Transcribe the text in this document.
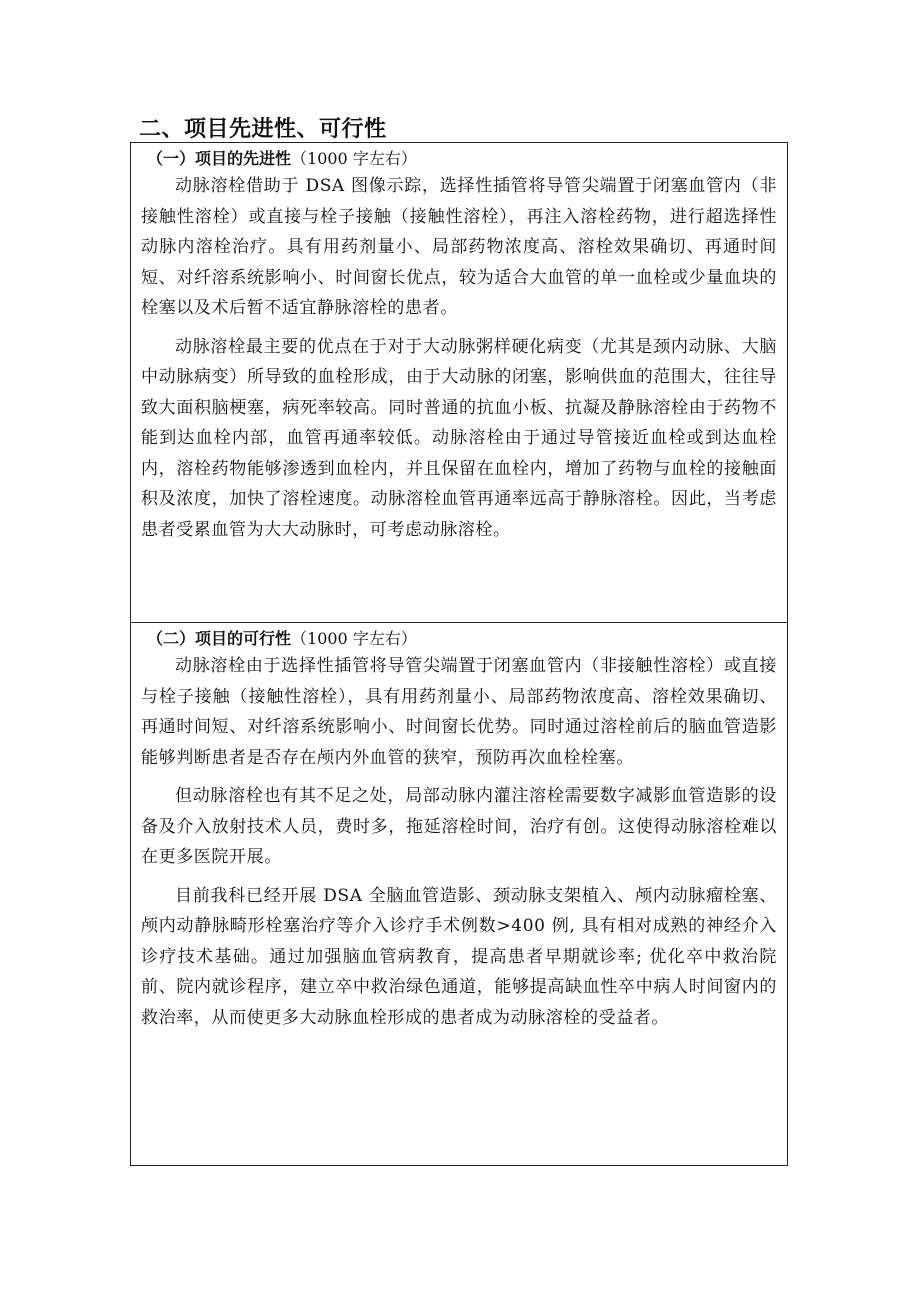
二、项目先进性、可行性
（一）项目的先进性（1000 字左右）

动脉溶栓借助于 DSA 图像示踪，选择性插管将导管尖端置于闭塞血管内（非接触性溶栓）或直接与栓子接触（接触性溶栓），再注入溶栓药物，进行超选择性动脉内溶栓治疗。具有用药剂量小、局部药物浓度高、溶栓效果确切、再通时间短、对纤溶系统影响小、时间窗长优点，较为适合大血管的单一血栓或少量血块的栓塞以及术后暂不适宜静脉溶栓的患者。

动脉溶栓最主要的优点在于对于大动脉粥样硬化病变（尤其是颈内动脉、大脑中动脉病变）所导致的血栓形成，由于大动脉的闭塞，影响供血的范围大，往往导致大面积脑梗塞，病死率较高。同时普通的抗血小板、抗凝及静脉溶栓由于药物不能到达血栓内部，血管再通率较低。动脉溶栓由于通过导管接近血栓或到达血栓内，溶栓药物能够渗透到血栓内，并且保留在血栓内，增加了药物与血栓的接触面积及浓度，加快了溶栓速度。动脉溶栓血管再通率远高于静脉溶栓。因此，当考虑患者受累血管为大大动脉时，可考虑动脉溶栓。

（二）项目的可行性（1000 字左右）

动脉溶栓由于选择性插管将导管尖端置于闭塞血管内（非接触性溶栓）或直接与栓子接触（接触性溶栓），具有用药剂量小、局部药物浓度高、溶栓效果确切、再通时间短、对纤溶系统影响小、时间窗长优势。同时通过溶栓前后的脑血管造影能够判断患者是否存在颅内外血管的狭窄，预防再次血栓栓塞。

但动脉溶栓也有其不足之处，局部动脉内灌注溶栓需要数字减影血管造影的设备及介入放射技术人员，费时多，拖延溶栓时间，治疗有创。这使得动脉溶栓难以在更多医院开展。

目前我科已经开展 DSA 全脑血管造影、颈动脉支架植入、颅内动脉瘤栓塞、颅内动静脉畸形栓塞治疗等介入诊疗手术例数>400 例, 具有相对成熟的神经介入诊疗技术基础。通过加强脑血管病教育，提高患者早期就诊率; 优化卒中救治院前、院内就诊程序，建立卒中救治绿色通道，能够提高缺血性卒中病人时间窗内的救治率，从而使更多大动脉血栓形成的患者成为动脉溶栓的受益者。
